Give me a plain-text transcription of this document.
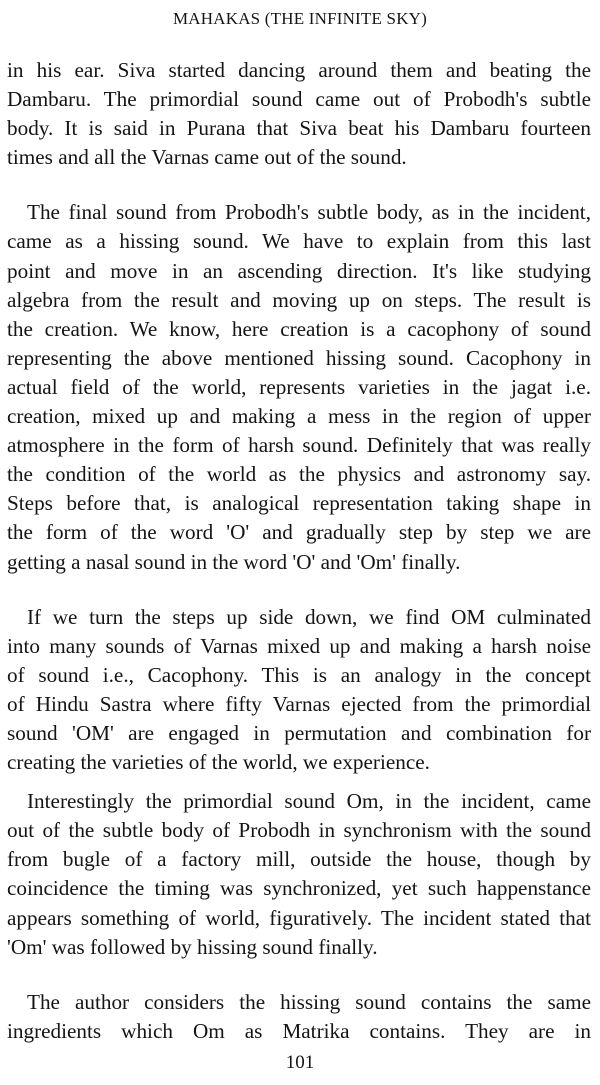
MAHAKAS (THE INFINITE SKY)

in his ear. Siva started dancing around them and beating the
Dambaru. The primordial sound came out of Probodh's subtle
body. It is said in Purana that Siva beat his Dambaru fourteen
times and all the Varnas came out of the sound.

The final sound from Probodh's subtle body, as in the incident,
came as a hissing sound. We have to explain from this last
point and move in an ascending direction. It's like studying
algebra from the result and moving up on steps. The result is
the creation. We know, here creation is a cacophony of sound
representing the above mentioned hissing sound. Cacophony in
actual field of the world, represents varieties in the jagat i.e.
creation, mixed up and making a mess in the region of upper
atmosphere in the form of harsh sound. Definitely that was really
the condition of the world as the physics and astronomy say.
Steps before that, is analogical representation taking shape in
the form of the word 'O' and gradually step by step we are
getting a nasal sound in the word 'O' and 'Om' finally.

If we turn the steps up side down, we find OM culminated
into many sounds of Varnas mixed up and making a harsh noise
of sound i.e., Cacophony. This is an analogy in the concept
of Hindu Sastra where fifty Varnas ejected from the primordial
sound 'OM' are engaged in permutation and combination for
creating the varieties of the world, we experience.

Interestingly the primordial sound Om, in the incident, came
out of the subtle body of Probodh in synchronism with the sound
from bugle of a factory mill, outside the house, though by
coincidence the timing was synchronized, yet such happenstance
appears something of world, figuratively. The incident stated that
'Om' was followed by hissing sound finally.

The author considers the hissing sound contains the same
ingredients which Om as Matrika contains. They are in

101
